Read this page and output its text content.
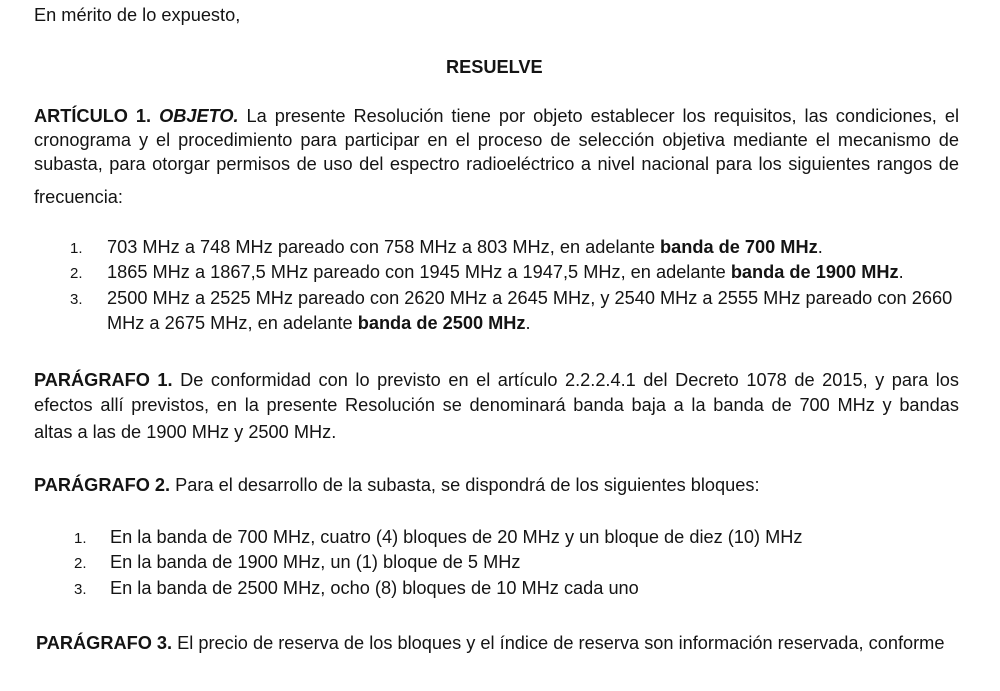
En mérito de lo expuesto,
RESUELVE
ARTÍCULO 1. OBJETO. La presente Resolución tiene por objeto establecer los requisitos, las condiciones, el
cronograma y el procedimiento para participar en el proceso de selección objetiva mediante el mecanismo de
subasta, para otorgar permisos de uso del espectro radioeléctrico a nivel nacional para los siguientes rangos de
frecuencia:
1. 703 MHz a 748 MHz pareado con 758 MHz a 803 MHz, en adelante banda de 700 MHz.
2. 1865 MHz a 1867,5 MHz pareado con 1945 MHz a 1947,5 MHz, en adelante banda de 1900 MHz.
3. 2500 MHz a 2525 MHz pareado con 2620 MHz a 2645 MHz, y 2540 MHz a 2555 MHz pareado con 2660
MHz a 2675 MHz, en adelante banda de 2500 MHz.
PARÁGRAFO 1. De conformidad con lo previsto en el artículo 2.2.2.4.1 del Decreto 1078 de 2015, y para los
efectos allí previstos, en la presente Resolución se denominará banda baja a la banda de 700 MHz y bandas
altas a las de 1900 MHz y 2500 MHz.
PARÁGRAFO 2. Para el desarrollo de la subasta, se dispondrá de los siguientes bloques:
1. En la banda de 700 MHz, cuatro (4) bloques de 20 MHz y un bloque de diez (10) MHz
2. En la banda de 1900 MHz, un (1) bloque de 5 MHz
3. En la banda de 2500 MHz, ocho (8) bloques de 10 MHz cada uno
PARÁGRAFO 3. El precio de reserva de los bloques y el índice de reserva son información reservada, conforme
